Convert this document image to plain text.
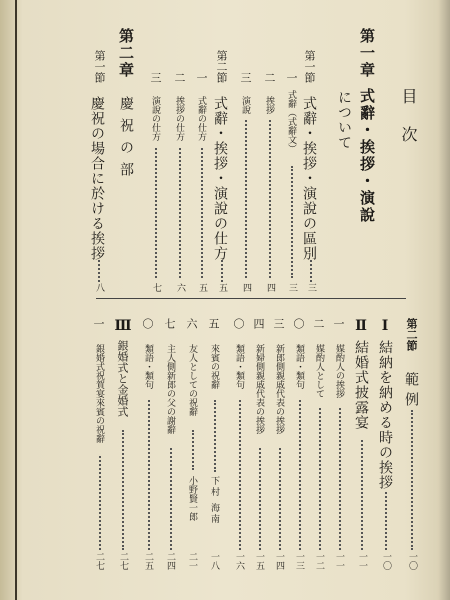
目次
第一章
式辭・挨拶・演說
について
第一節
式辭・挨拶・演說の區別
三
一
式辭（式辭文）
三
二
挨拶
四
三
演說
四
第二節
式辭・挨拶・演說の仕方
五
一
式辭の仕方
五
二
挨拶の仕方
六
三
演說の仕方
七
第二章
慶祝の部
第一節
慶祝の場合に於ける挨拶
八
第二節
範例
一〇
Ⅰ
結納を納める時の挨拶
一〇
Ⅱ
結婚式披露宴
一一
一
媒酌人の挨拶
一一
二
媒酌人として
一二
〇
類語・類句
一三
三
新郎側親戚代表の挨拶
一四
四
新婦側親戚代表の挨拶
一五
〇
類語・類句
一六
五
來賓の祝辭
下村 海南
一八
六
友人としての祝辭
小野賢一郎
二一
七
主人側新郎の父の謝辭
二四
〇
類語・類句
二五
Ⅲ
銀婚式と金婚式
二七
一
銀婚式祝賀宴來賓の祝辭
二七
